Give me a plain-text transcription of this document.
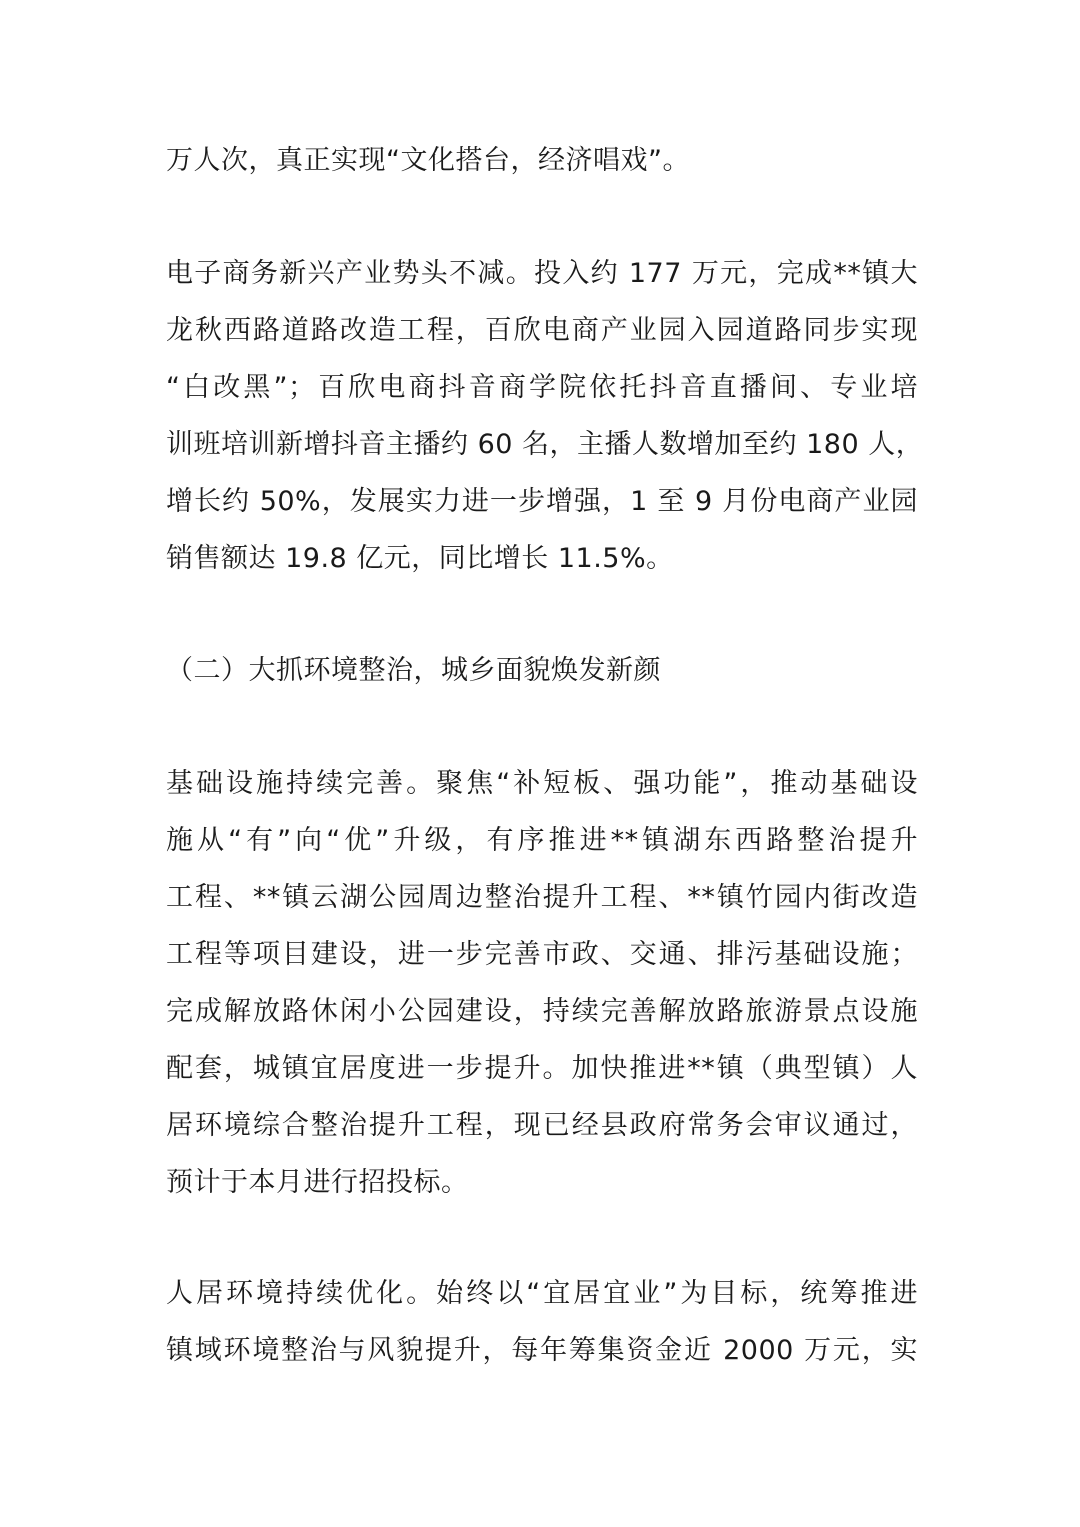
万人次，真正实现“文化搭台，经济唱戏”。
电子商务新兴产业势头不减。投入约 177 万元，完成**镇大
龙秋西路道路改造工程，百欣电商产业园入园道路同步实现
“白改黑”；百欣电商抖音商学院依托抖音直播间、专业培
训班培训新增抖音主播约 60 名，主播人数增加至约 180 人，
增长约 50%，发展实力进一步增强，1 至 9 月份电商产业园
销售额达 19.8 亿元，同比增长 11.5%。
（二）大抓环境整治，城乡面貌焕发新颜
基础设施持续完善。聚焦“补短板、强功能”，推动基础设
施从“有”向“优”升级，有序推进**镇湖东西路整治提升
工程、**镇云湖公园周边整治提升工程、**镇竹园内街改造
工程等项目建设，进一步完善市政、交通、排污基础设施；
完成解放路休闲小公园建设，持续完善解放路旅游景点设施
配套，城镇宜居度进一步提升。加快推进**镇（典型镇）人
居环境综合整治提升工程，现已经县政府常务会审议通过，
预计于本月进行招投标。
人居环境持续优化。始终以“宜居宜业”为目标，统筹推进
镇域环境整治与风貌提升，每年筹集资金近 2000 万元，实
